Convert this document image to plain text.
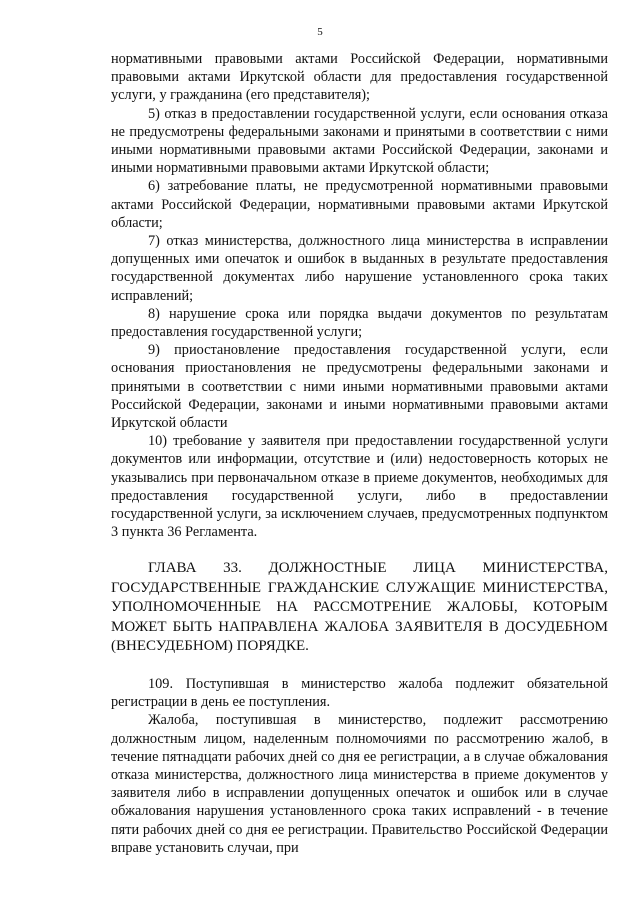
5

нормативными правовыми актами Российской Федерации, нормативными правовыми актами Иркутской области для предоставления государственной услуги, у гражданина (его представителя);

5) отказ в предоставлении государственной услуги, если основания отказа не предусмотрены федеральными законами и принятыми в соответствии с ними иными нормативными правовыми актами Российской Федерации, законами и иными нормативными правовыми актами Иркутской области;

6) затребование платы, не предусмотренной нормативными правовыми актами Российской Федерации, нормативными правовыми актами Иркутской области;

7) отказ министерства, должностного лица министерства в исправлении допущенных ими опечаток и ошибок в выданных в результате предоставления государственной документах либо нарушение установленного срока таких исправлений;

8) нарушение срока или порядка выдачи документов по результатам предоставления государственной услуги;

9) приостановление предоставления государственной услуги, если основания приостановления не предусмотрены федеральными законами и принятыми в соответствии с ними иными нормативными правовыми актами Российской Федерации, законами и иными нормативными правовыми актами Иркутской области

10) требование у заявителя при предоставлении государственной услуги документов или информации, отсутствие и (или) недостоверность которых не указывались при первоначальном отказе в приеме документов, необходимых для предоставления государственной услуги, либо в предоставлении государственной услуги, за исключением случаев, предусмотренных подпунктом 3 пункта 36 Регламента.

ГЛАВА 33. ДОЛЖНОСТНЫЕ ЛИЦА МИНИСТЕРСТВА, ГОСУДАРСТВЕННЫЕ ГРАЖДАНСКИЕ СЛУЖАЩИЕ МИНИСТЕРСТВА, УПОЛНОМОЧЕННЫЕ НА РАССМОТРЕНИЕ ЖАЛОБЫ, КОТОРЫМ МОЖЕТ БЫТЬ НАПРАВЛЕНА ЖАЛОБА ЗАЯВИТЕЛЯ В ДОСУДЕБНОМ (ВНЕСУДЕБНОМ) ПОРЯДКЕ.

109. Поступившая в министерство жалоба подлежит обязательной регистрации в день ее поступления.

Жалоба, поступившая в министерство, подлежит рассмотрению должностным лицом, наделенным полномочиями по рассмотрению жалоб, в течение пятнадцати рабочих дней со дня ее регистрации, а в случае обжалования отказа министерства, должностного лица министерства в приеме документов у заявителя либо в исправлении допущенных опечаток и ошибок или в случае обжалования нарушения установленного срока таких исправлений - в течение пяти рабочих дней со дня ее регистрации. Правительство Российской Федерации вправе установить случаи, при
